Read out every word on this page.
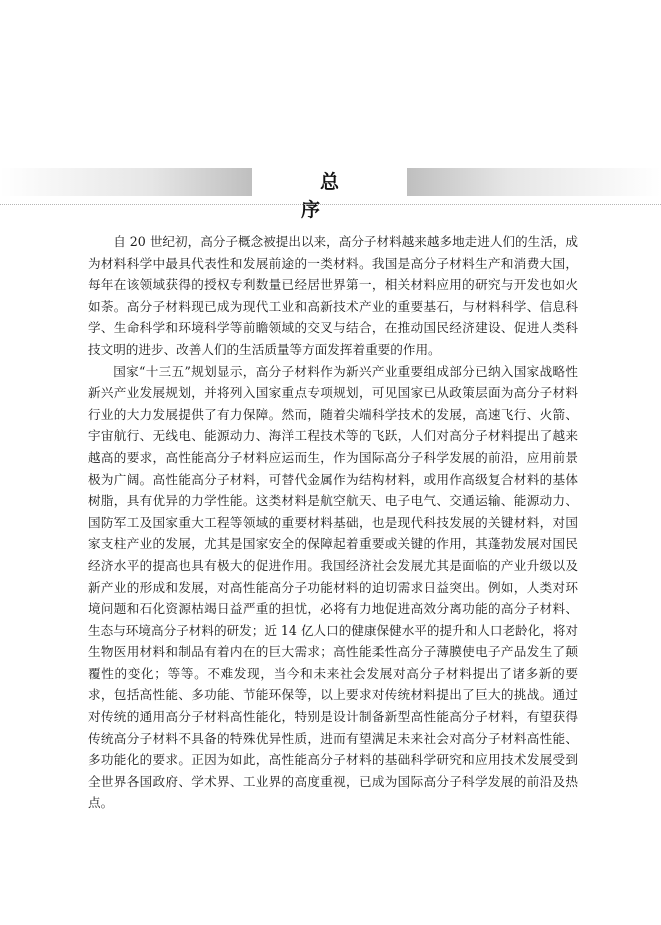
总 序

自 20 世纪初，高分子概念被提出以来，高分子材料越来越多地走进人们的生活，成为材料科学中最具代表性和发展前途的一类材料。我国是高分子材料生产和消费大国，每年在该领域获得的授权专利数量已经居世界第一，相关材料应用的研究与开发也如火如荼。高分子材料现已成为现代工业和高新技术产业的重要基石，与材料科学、信息科学、生命科学和环境科学等前瞻领域的交叉与结合，在推动国民经济建设、促进人类科技文明的进步、改善人们的生活质量等方面发挥着重要的作用。

国家“十三五”规划显示，高分子材料作为新兴产业重要组成部分已纳入国家战略性新兴产业发展规划，并将列入国家重点专项规划，可见国家已从政策层面为高分子材料行业的大力发展提供了有力保障。然而，随着尖端科学技术的发展，高速飞行、火箭、宇宙航行、无线电、能源动力、海洋工程技术等的飞跃，人们对高分子材料提出了越来越高的要求，高性能高分子材料应运而生，作为国际高分子科学发展的前沿，应用前景极为广阔。高性能高分子材料，可替代金属作为结构材料，或用作高级复合材料的基体树脂，具有优异的力学性能。这类材料是航空航天、电子电气、交通运输、能源动力、国防军工及国家重大工程等领域的重要材料基础，也是现代科技发展的关键材料，对国家支柱产业的发展，尤其是国家安全的保障起着重要或关键的作用，其蓬勃发展对国民经济水平的提高也具有极大的促进作用。我国经济社会发展尤其是面临的产业升级以及新产业的形成和发展，对高性能高分子功能材料的迫切需求日益突出。例如，人类对环境问题和石化资源枯竭日益严重的担忧，必将有力地促进高效分离功能的高分子材料、生态与环境高分子材料的研发；近 14 亿人口的健康保健水平的提升和人口老龄化，将对生物医用材料和制品有着内在的巨大需求；高性能柔性高分子薄膜使电子产品发生了颠覆性的变化；等等。不难发现，当今和未来社会发展对高分子材料提出了诸多新的要求，包括高性能、多功能、节能环保等，以上要求对传统材料提出了巨大的挑战。通过对传统的通用高分子材料高性能化，特别是设计制备新型高性能高分子材料，有望获得传统高分子材料不具备的特殊优异性质，进而有望满足未来社会对高分子材料高性能、多功能化的要求。正因为如此，高性能高分子材料的基础科学研究和应用技术发展受到全世界各国政府、学术界、工业界的高度重视，已成为国际高分子科学发展的前沿及热点。
